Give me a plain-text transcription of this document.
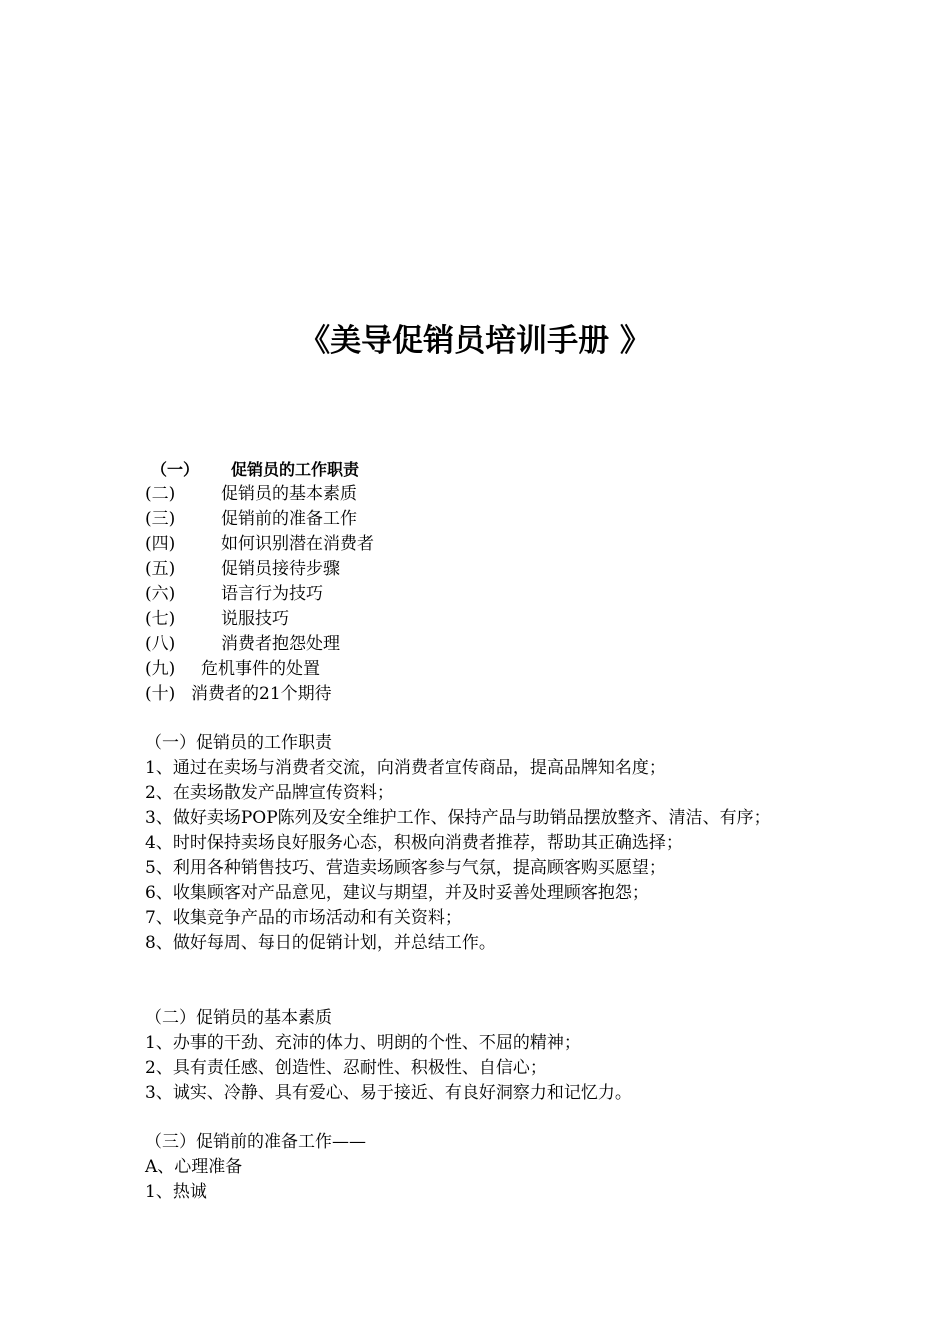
《美导促销员培训手册 》
（一）	促销员的工作职责
(二)	促销员的基本素质
(三)	促销前的准备工作
(四)	如何识别潜在消费者
(五)	促销员接待步骤
(六)	语言行为技巧
(七)	说服技巧
(八)	消费者抱怨处理
(九)	危机事件的处置
(十) 消费者的21个期待
（一）促销员的工作职责
1、通过在卖场与消费者交流，向消费者宣传商品，提高品牌知名度；
2、在卖场散发产品牌宣传资料；
3、做好卖场POP陈列及安全维护工作、保持产品与助销品摆放整齐、清洁、有序；
4、时时保持卖场良好服务心态，积极向消费者推荐，帮助其正确选择；
5、利用各种销售技巧、营造卖场顾客参与气氛，提高顾客购买愿望；
6、收集顾客对产品意见，建议与期望，并及时妥善处理顾客抱怨；
7、收集竞争产品的市场活动和有关资料；
8、做好每周、每日的促销计划，并总结工作。
（二）促销员的基本素质
1、办事的干劲、充沛的体力、明朗的个性、不屈的精神；
2、具有责任感、创造性、忍耐性、积极性、自信心；
3、诚实、冷静、具有爱心、易于接近、有良好洞察力和记忆力。
（三）促销前的准备工作——
A、心理准备
1、热诚
